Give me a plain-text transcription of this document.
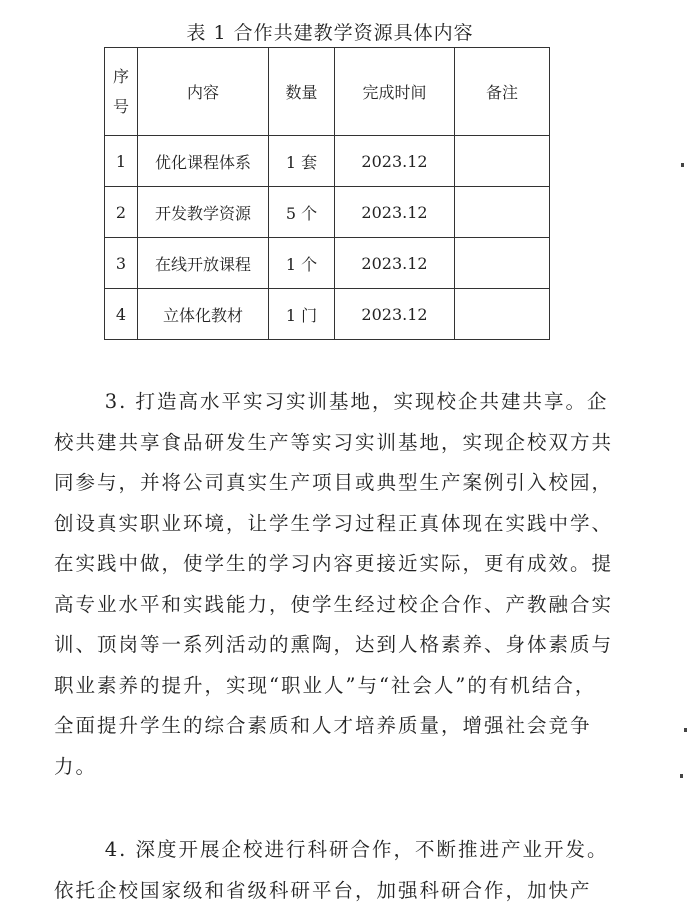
表 1 合作共建教学资源具体内容
序号	内容	数量	完成时间	备注
1	优化课程体系	1 套	2023.12	
2	开发教学资源	5 个	2023.12	
3	在线开放课程	1 个	2023.12	
4	立体化教材	1 门	2023.12	

3. 打造高水平实习实训基地，实现校企共建共享。企校共建共享食品研发生产等实习实训基地，实现企校双方共同参与，并将公司真实生产项目或典型生产案例引入校园，创设真实职业环境，让学生学习过程正真体现在实践中学、在实践中做，使学生的学习内容更接近实际，更有成效。提高专业水平和实践能力，使学生经过校企合作、产教融合实训、顶岗等一系列活动的熏陶，达到人格素养、身体素质与职业素养的提升，实现“职业人”与“社会人”的有机结合，全面提升学生的综合素质和人才培养质量，增强社会竞争力。

4. 深度开展企校进行科研合作，不断推进产业开发。依托企校国家级和省级科研平台，加强科研合作，加快产
